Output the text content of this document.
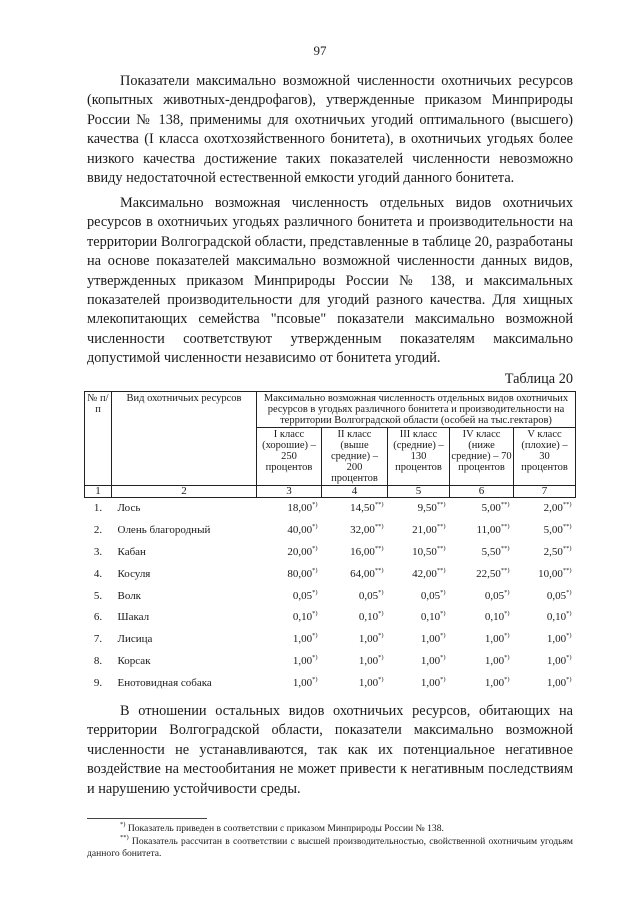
97

Показатели максимально возможной численности охотничьих ресурсов (копытных животных-дендрофагов), утвержденные приказом Минприроды России № 138, применимы для охотничьих угодий оптимального (высшего) качества (I класса охотхозяйственного бонитета), в охотничьих угодьях более низкого качества достижение таких показателей численности невозможно ввиду недостаточной естественной емкости угодий данного бонитета.

Максимально возможная численность отдельных видов охотничьих ресурсов в охотничьих угодьях различного бонитета и производительности на территории Волгоградской области, представленные в таблице 20, разработаны на основе показателей максимально возможной численности данных видов, утвержденных приказом Минприроды России № 138, и максимальных показателей производительности для угодий разного качества. Для хищных млекопитающих семейства "псовые" показатели максимально возможной численности соответствуют утвержденным показателям максимально допустимой численности независимо от бонитета угодий.

Таблица 20
№ п/п	Вид охотничьих ресурсов	Максимально возможная численность отдельных видов охотничьих ресурсов в угодьях различного бонитета и производительности на территории Волгоградской области (особей на тыс.гектаров)				
		I класс (хорошие) – 250 процентов	II класс (выше средние) – 200 процентов	III класс (средние) – 130 процентов	IV класс (ниже средние) – 70 процентов	V класс (плохие) – 30 процентов
1	2	3	4	5	6	7
1.	Лось	18,00*)	14,50**)	9,50**)	5,00**)	2,00**)
2.	Олень благородный	40,00*)	32,00**)	21,00**)	11,00**)	5,00**)
3.	Кабан	20,00*)	16,00**)	10,50**)	5,50**)	2,50**)
4.	Косуля	80,00*)	64,00**)	42,00**)	22,50**)	10,00**)
5.	Волк	0,05*)	0,05*)	0,05*)	0,05*)	0,05*)
6.	Шакал	0,10*)	0,10*)	0,10*)	0,10*)	0,10*)
7.	Лисица	1,00*)	1,00*)	1,00*)	1,00*)	1,00*)
8.	Корсак	1,00*)	1,00*)	1,00*)	1,00*)	1,00*)
9.	Енотовидная собака	1,00*)	1,00*)	1,00*)	1,00*)	1,00*)

В отношении остальных видов охотничьих ресурсов, обитающих на территории Волгоградской области, показатели максимально возможной численности не устанавливаются, так как их потенциальное негативное воздействие на местообитания не может привести к негативным последствиям и нарушению устойчивости среды.

*) Показатель приведен в соответствии с приказом Минприроды России № 138.

**) Показатель рассчитан в соответствии с высшей производительностью, свойственной охотничьим угодьям данного бонитета.
